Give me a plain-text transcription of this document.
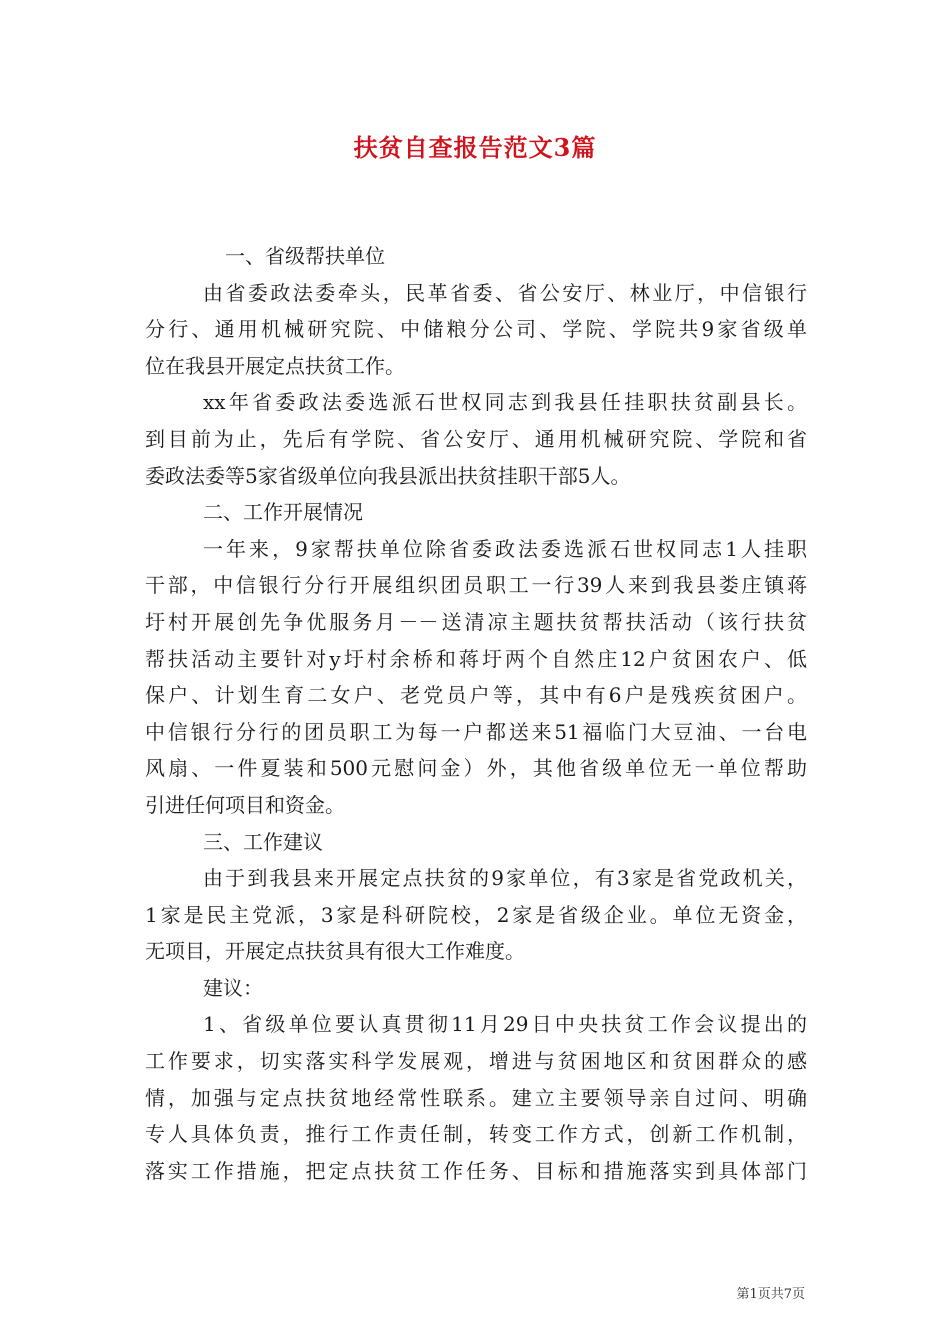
扶贫自查报告范文3篇
一、省级帮扶单位
由省委政法委牵头，民革省委、省公安厅、林业厅，中信银行
分行、通用机械研究院、中储粮分公司、学院、学院共9家省级单
位在我县开展定点扶贫工作。
xx年省委政法委选派石世权同志到我县任挂职扶贫副县长。
到目前为止，先后有学院、省公安厅、通用机械研究院、学院和省
委政法委等5家省级单位向我县派出扶贫挂职干部5人。
二、工作开展情况
一年来，9家帮扶单位除省委政法委选派石世权同志1人挂职
干部，中信银行分行开展组织团员职工一行39人来到我县娄庄镇蒋
圩村开展创先争优服务月－－送清凉主题扶贫帮扶活动（该行扶贫
帮扶活动主要针对y圩村余桥和蒋圩两个自然庄12户贫困农户、低
保户、计划生育二女户、老党员户等，其中有6户是残疾贫困户。
中信银行分行的团员职工为每一户都送来51福临门大豆油、一台电
风扇、一件夏装和500元慰问金）外，其他省级单位无一单位帮助
引进任何项目和资金。
三、工作建议
由于到我县来开展定点扶贫的9家单位，有3家是省党政机关，
1家是民主党派，3家是科研院校，2家是省级企业。单位无资金，
无项目，开展定点扶贫具有很大工作难度。
建议：
1、省级单位要认真贯彻11月29日中央扶贫工作会议提出的
工作要求，切实落实科学发展观，增进与贫困地区和贫困群众的感
情，加强与定点扶贫地经常性联系。建立主要领导亲自过问、明确
专人具体负责，推行工作责任制，转变工作方式，创新工作机制，
落实工作措施，把定点扶贫工作任务、目标和措施落实到具体部门
第1页共7页
